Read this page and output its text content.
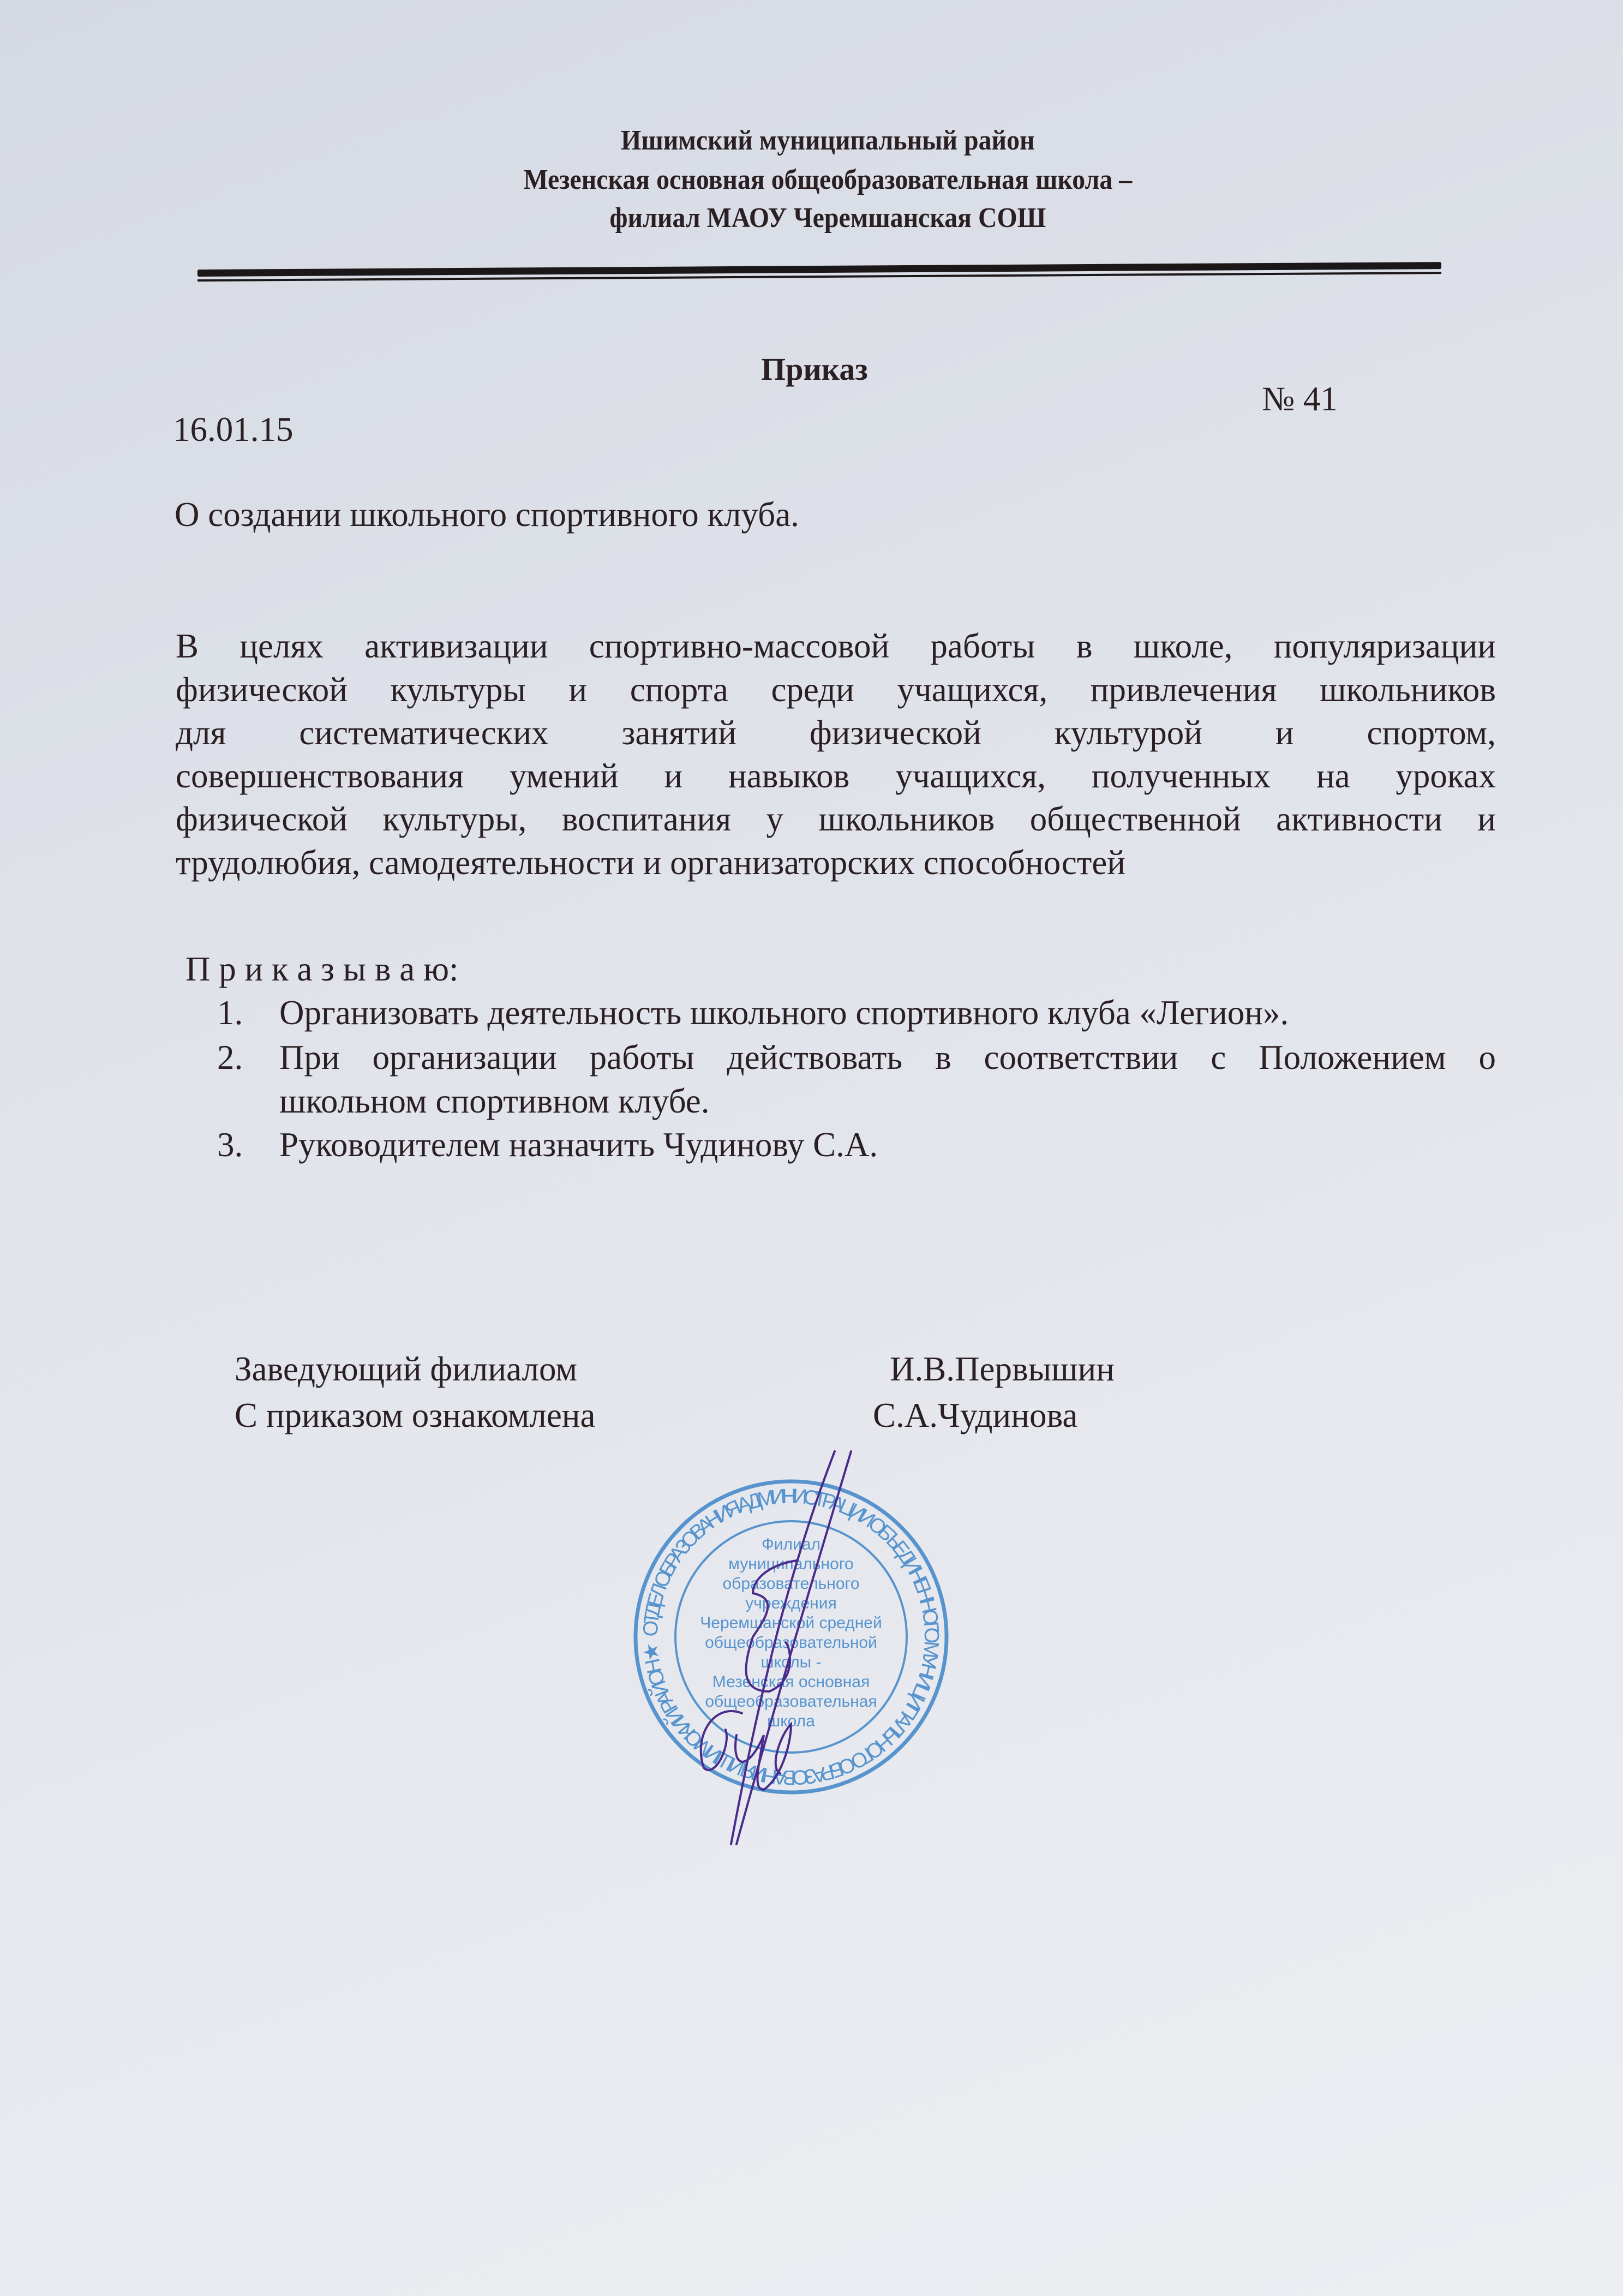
Ишимский муниципальный район
Мезенская основная общеобразовательная школа –
филиал МАОУ Черемшанская СОШ
Приказ
16.01.15
№ 41
О создании школьного спортивного клуба.
В целях активизации спортивно-массовой работы в школе, популяризации
физической культуры и спорта среди учащихся, привлечения школьников
для систематических занятий физической культурой и спортом,
совершенствования умений и навыков учащихся, полученных на уроках
физической культуры, воспитания у школьников общественной активности и
трудолюбия, самодеятельности и организаторских способностей
П р и к а з ы в а ю:
1. Организовать деятельность школьного спортивного клуба «Легион».
2. При организации работы действовать в соответствии с Положением о
школьном спортивном клубе.
3. Руководителем назначить Чудинову С.А.
Заведующий филиалом	И.В.Первышин
С приказом ознакомлена	С.А.Чудинова
ОТДЕЛ ОБРАЗОВАНИЯ АДМИНИСТРАЦИИ ОБЪЕДИНЕННОГО МУНИЦИПАЛЬНОГО ОБРАЗОВАНИЯ ИШИМСКИЙ РАЙОН ★
Филиал
муниципального
образовательного
учреждения
Черемшанской средней
общеобразовательной
школы -
Мезенская основная
общеобразовательная
школа
